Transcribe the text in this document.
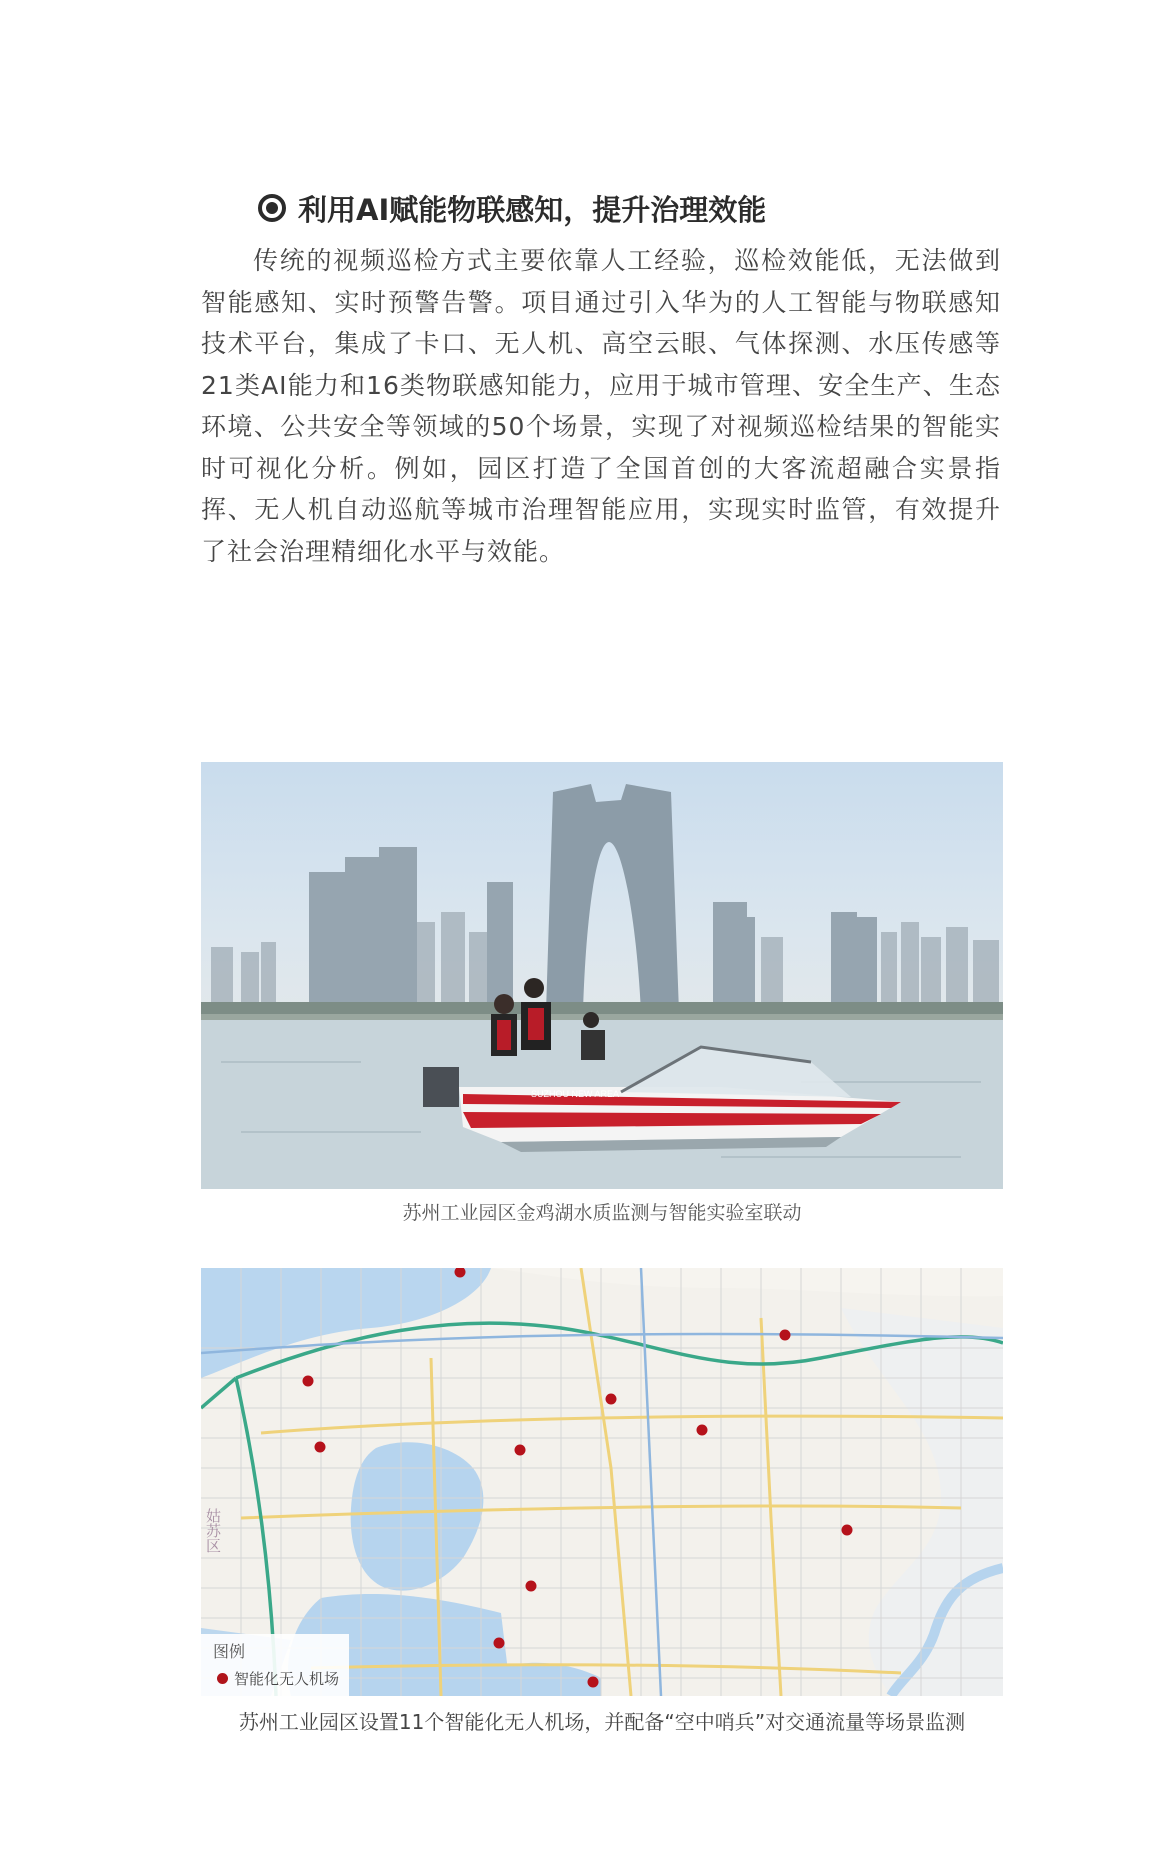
利用AI赋能物联感知，提升治理效能

传统的视频巡检方式主要依靠人工经验，巡检效能低，无法做到智能感知、实时预警告警。项目通过引入华为的人工智能与物联感知技术平台，集成了卡口、无人机、高空云眼、气体探测、水压传感等21类AI能力和16类物联感知能力，应用于城市管理、安全生产、生态环境、公共安全等领域的50个场景，实现了对视频巡检结果的智能实时可视化分析。例如，园区打造了全国首创的大客流超融合实景指挥、无人机自动巡航等城市治理智能应用，实现实时监管，有效提升了社会治理精细化水平与效能。

SUZHOU NEW AREA
苏州工业园区金鸡湖水质监测与智能实验室联动
姑苏区
图例
智能化无人机场
苏州工业园区设置11个智能化无人机场，并配备“空中哨兵”对交通流量等场景监测
